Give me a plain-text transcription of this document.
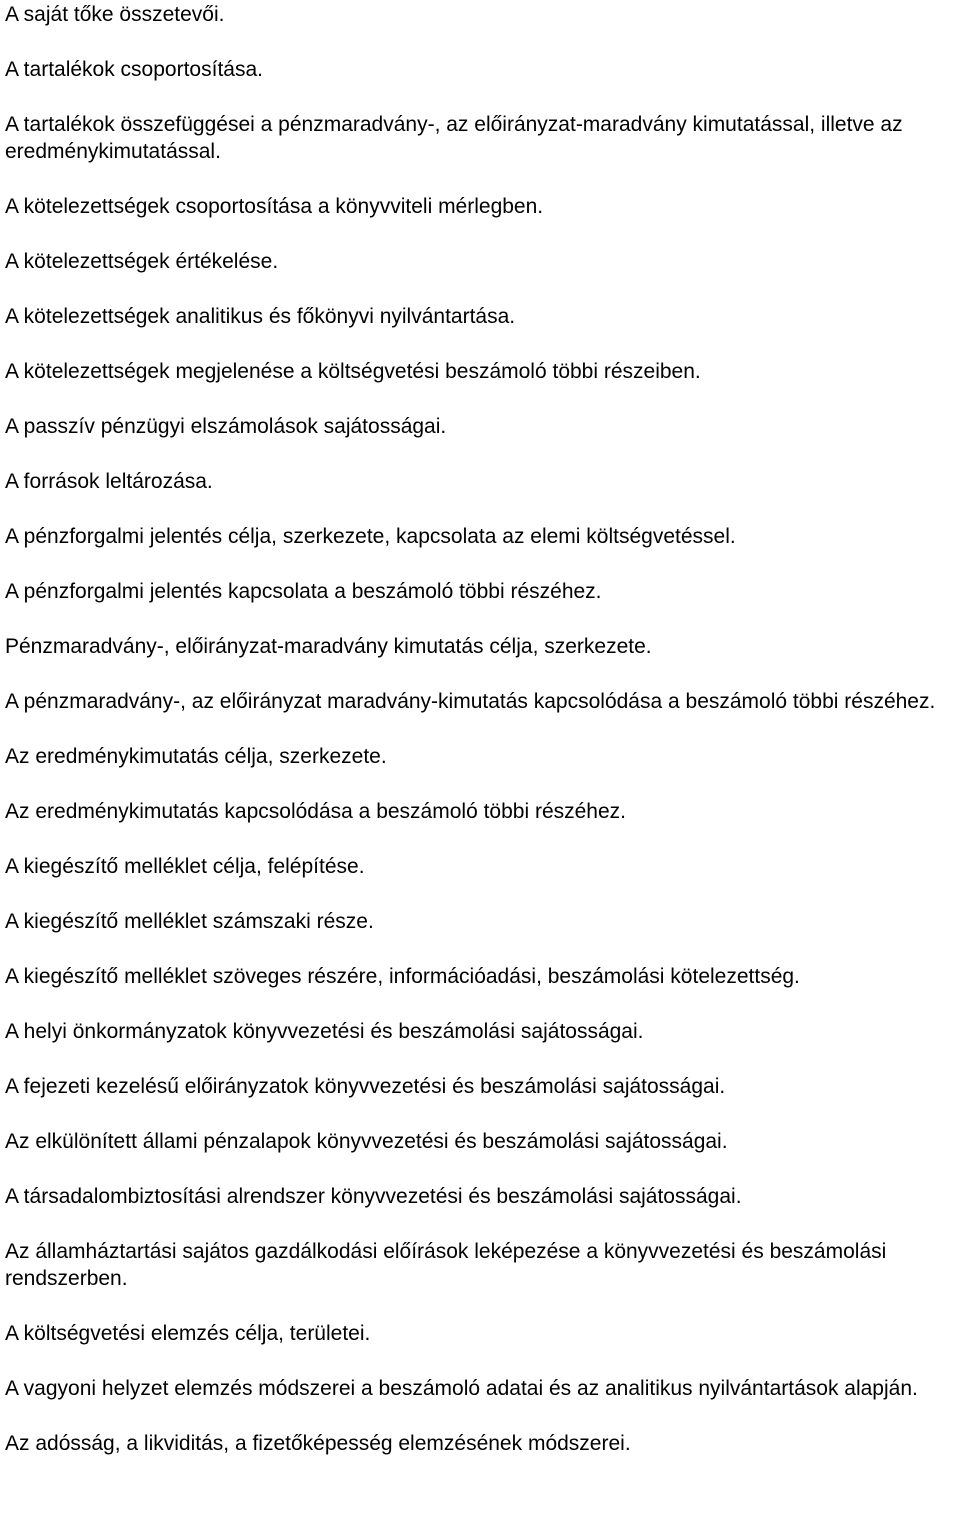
A saját tőke összetevői.

A tartalékok csoportosítása.

A tartalékok összefüggései a pénzmaradvány-, az előirányzat-maradvány kimutatással, illetve az eredménykimutatással.

A kötelezettségek csoportosítása a könyvviteli mérlegben.

A kötelezettségek értékelése.

A kötelezettségek analitikus és főkönyvi nyilvántartása.

A kötelezettségek megjelenése a költségvetési beszámoló többi részeiben.

A passzív pénzügyi elszámolások sajátosságai.

A források leltározása.

A pénzforgalmi jelentés célja, szerkezete, kapcsolata az elemi költségvetéssel.

A pénzforgalmi jelentés kapcsolata a beszámoló többi részéhez.

Pénzmaradvány-, előirányzat-maradvány kimutatás célja, szerkezete.

A pénzmaradvány-, az előirányzat maradvány-kimutatás kapcsolódása a beszámoló többi részéhez.

Az eredménykimutatás célja, szerkezete.

Az eredménykimutatás kapcsolódása a beszámoló többi részéhez.

A kiegészítő melléklet célja, felépítése.

A kiegészítő melléklet számszaki része.

A kiegészítő melléklet szöveges részére, információadási, beszámolási kötelezettség.

A helyi önkormányzatok könyvvezetési és beszámolási sajátosságai.

A fejezeti kezelésű előirányzatok könyvvezetési és beszámolási sajátosságai.

Az elkülönített állami pénzalapok könyvvezetési és beszámolási sajátosságai.

A társadalombiztosítási alrendszer könyvvezetési és beszámolási sajátosságai.

Az államháztartási sajátos gazdálkodási előírások leképezése a könyvvezetési és beszámolási rendszerben.

A költségvetési elemzés célja, területei.

A vagyoni helyzet elemzés módszerei a beszámoló adatai és az analitikus nyilvántartások alapján.

Az adósság, a likviditás, a fizetőképesség elemzésének módszerei.
